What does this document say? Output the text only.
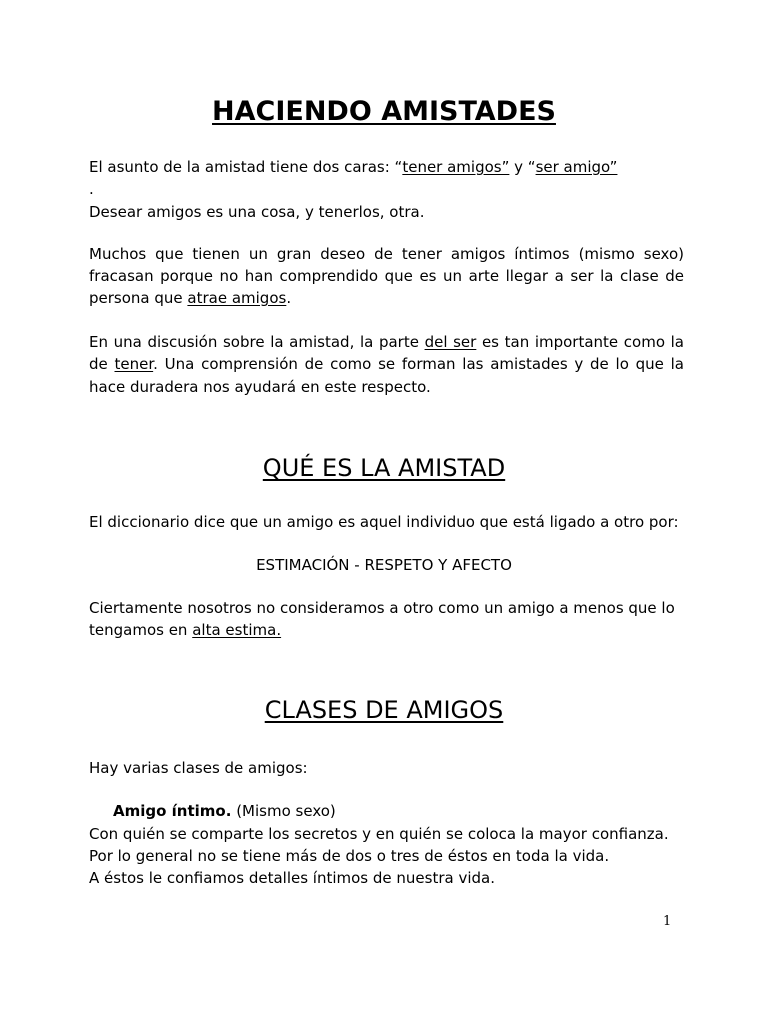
HACIENDO AMISTADES
El asunto de la amistad tiene dos caras: “tener amigos” y “ser amigo”
.
Desear amigos es una cosa, y tenerlos, otra.
Muchos que tienen un gran deseo de tener amigos íntimos (mismo sexo)
fracasan porque no han comprendido que es un arte llegar a ser la clase de
persona que atrae amigos.
En una discusión sobre la amistad, la parte del ser es tan importante como la
de tener. Una comprensión de como se forman las amistades y de lo que la
hace duradera nos ayudará en este respecto.
QUÉ ES LA AMISTAD
El diccionario dice que un amigo es aquel individuo que está ligado a otro por:
ESTIMACIÓN - RESPETO Y AFECTO
Ciertamente nosotros no consideramos a otro como un amigo a menos que lo
tengamos en alta estima.
CLASES DE AMIGOS
Hay varias clases de amigos:
Amigo íntimo. (Mismo sexo)
Con quién se comparte los secretos y en quién se coloca la mayor confianza.
Por lo general no se tiene más de dos o tres de éstos en toda la vida.
A éstos le confiamos detalles íntimos de nuestra vida.
1
